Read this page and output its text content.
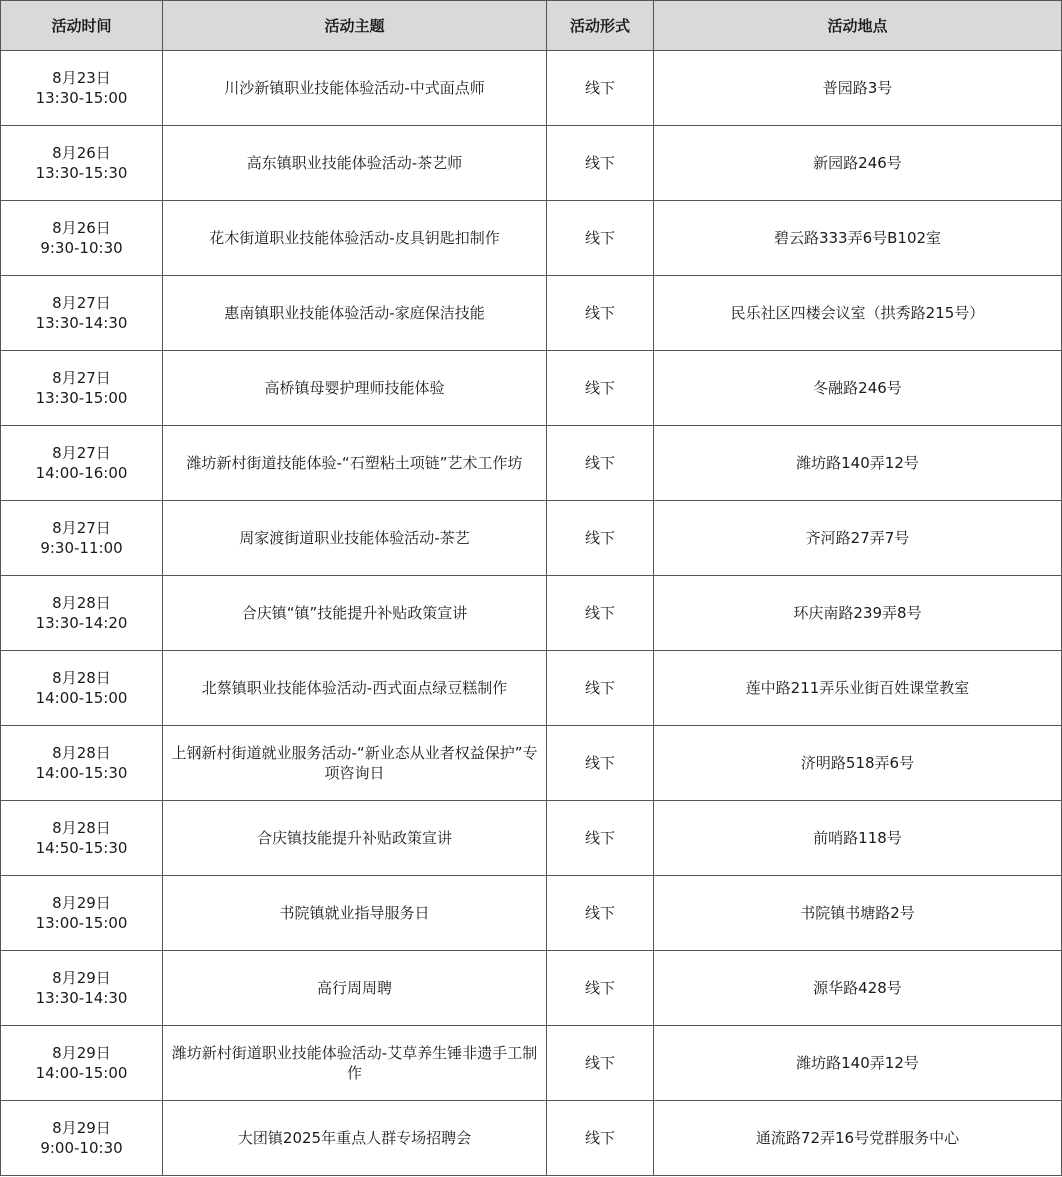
活动时间	活动主题	活动形式	活动地点

8月23日
13:30-15:00	川沙新镇职业技能体验活动-中式面点师	线下	普园路3号

8月26日
13:30-15:30	高东镇职业技能体验活动-茶艺师	线下	新园路246号

8月26日
9:30-10:30	花木街道职业技能体验活动-皮具钥匙扣制作	线下	碧云路333弄6号B102室

8月27日
13:30-14:30	惠南镇职业技能体验活动-家庭保洁技能	线下	民乐社区四楼会议室（拱秀路215号）

8月27日
13:30-15:00	高桥镇母婴护理师技能体验	线下	冬融路246号

8月27日
14:00-16:00	潍坊新村街道技能体验-“石塑粘土项链”艺术工作坊	线下	潍坊路140弄12号

8月27日
9:30-11:00	周家渡街道职业技能体验活动-茶艺	线下	齐河路27弄7号

8月28日
13:30-14:20	合庆镇“镇”技能提升补贴政策宣讲	线下	环庆南路239弄8号

8月28日
14:00-15:00	北蔡镇职业技能体验活动-西式面点绿豆糕制作	线下	莲中路211弄乐业街百姓课堂教室

8月28日
14:00-15:30	上钢新村街道就业服务活动-“新业态从业者权益保护”专项咨询日	线下	济明路518弄6号

8月28日
14:50-15:30	合庆镇技能提升补贴政策宣讲	线下	前哨路118号

8月29日
13:00-15:00	书院镇就业指导服务日	线下	书院镇书塘路2号

8月29日
13:30-14:30	高行周周聘	线下	源华路428号

8月29日
14:00-15:00	潍坊新村街道职业技能体验活动-艾草养生锤非遗手工制作	线下	潍坊路140弄12号

8月29日
9:00-10:30	大团镇2025年重点人群专场招聘会	线下	通流路72弄16号党群服务中心
